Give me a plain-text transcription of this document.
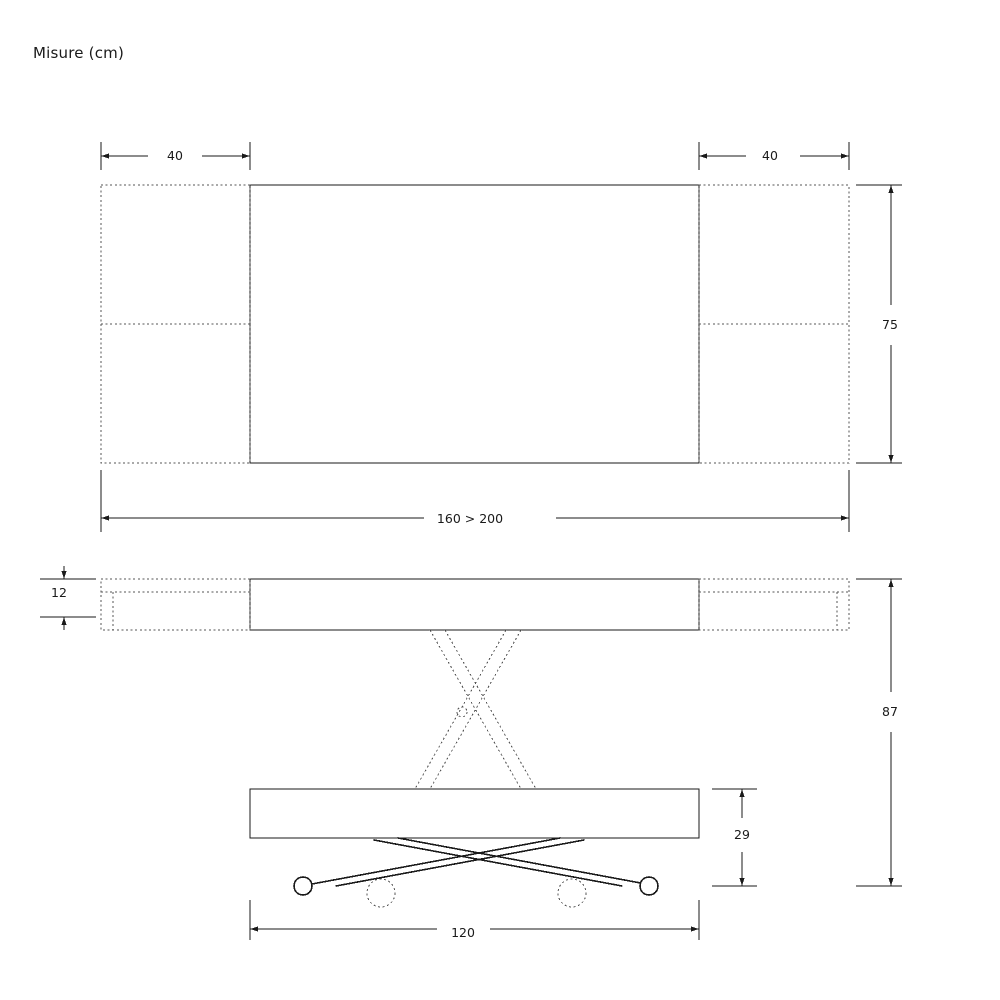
Misure (cm)
40	40
75
160 > 200
12
87
29
120
